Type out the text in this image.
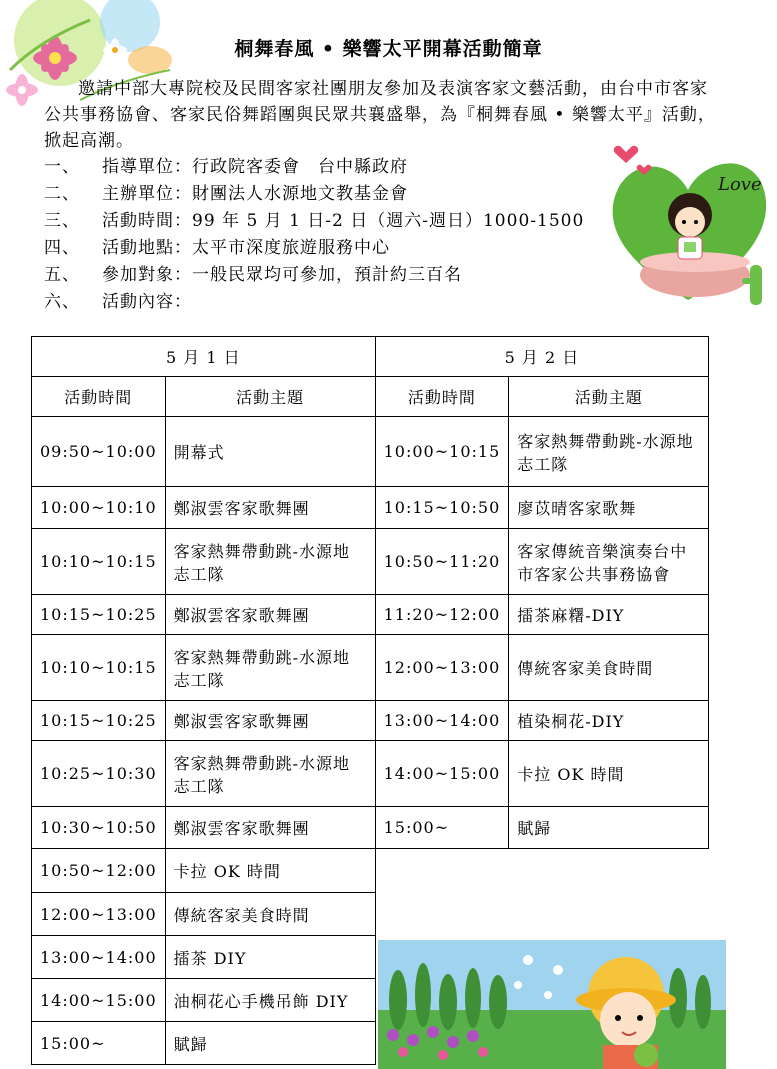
桐舞春風 • 樂響太平開幕活動簡章
邀請中部大專院校及民間客家社團朋友參加及表演客家文藝活動，由台中市客家公共事務協會、客家民俗舞蹈團與民眾共襄盛舉，為『桐舞春風 • 樂響太平』活動，掀起高潮。
一、	指導單位：行政院客委會　台中縣政府
二、	主辦單位：財團法人水源地文教基金會
三、	活動時間：99 年 5 月 1 日-2 日（週六-週日）1000-1500
四、	活動地點：太平市深度旅遊服務中心
五、	參加對象：一般民眾均可參加，預計約三百名
六、	活動內容：
Love
5 月 1 日		5 月 2 日	
活動時間	活動主題	活動時間	活動主題
09:50~10:00	開幕式	10:00~10:15	客家熱舞帶動跳-水源地志工隊
10:00~10:10	鄭淑雲客家歌舞團	10:15~10:50	廖苡晴客家歌舞
10:10~10:15	客家熱舞帶動跳-水源地志工隊	10:50~11:20	客家傳統音樂演奏台中市客家公共事務協會
10:15~10:25	鄭淑雲客家歌舞團	11:20~12:00	擂茶麻糬-DIY
10:10~10:15	客家熱舞帶動跳-水源地志工隊	12:00~13:00	傳統客家美食時間
10:15~10:25	鄭淑雲客家歌舞團	13:00~14:00	植染桐花-DIY
10:25~10:30	客家熱舞帶動跳-水源地志工隊	14:00~15:00	卡拉 OK 時間
10:30~10:50	鄭淑雲客家歌舞團	15:00~	賦歸
10:50~12:00	卡拉 OK 時間		
12:00~13:00	傳統客家美食時間		
13:00~14:00	擂茶 DIY		
14:00~15:00	油桐花心手機吊飾 DIY		
15:00~	賦歸		
